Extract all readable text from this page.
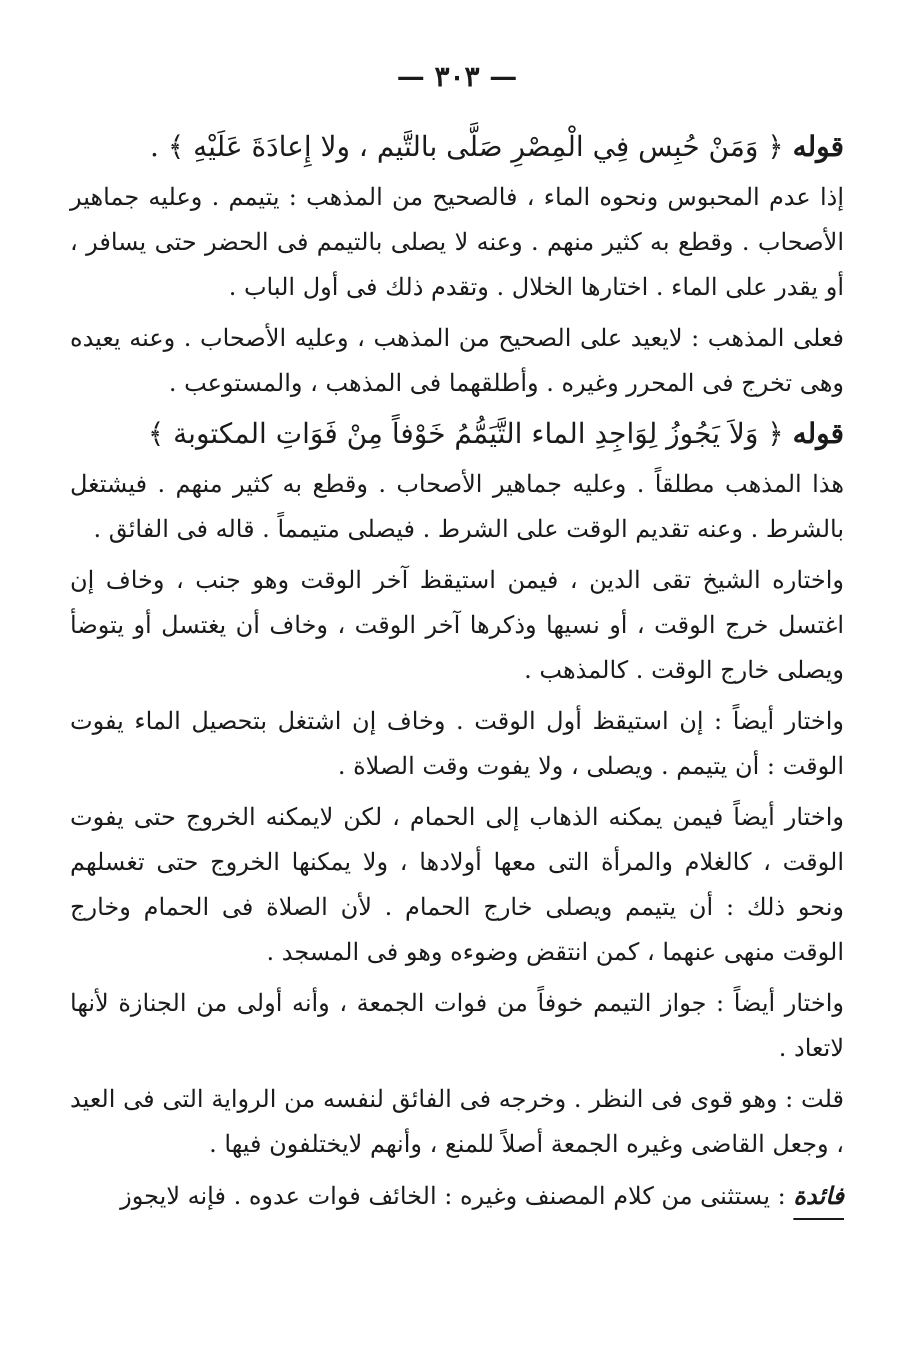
— ٣٠٣ —

قوله ﴿ وَمَنْ حُبِس فِي الْمِصْرِ صَلَّى بالتَّيم ، ولا إِعادَةَ عَلَيْهِ ﴾ .

إذا عدم المحبوس ونحوه الماء ، فالصحيح من المذهب : يتيمم . وعليه جماهير الأصحاب . وقطع به كثير منهم . وعنه لا يصلى بالتيمم فى الحضر حتى يسافر ، أو يقدر على الماء . اختارها الخلال . وتقدم ذلك فى أول الباب .

فعلى المذهب : لايعيد على الصحيح من المذهب ، وعليه الأصحاب . وعنه يعيده وهى تخرج فى المحرر وغيره . وأطلقهما فى المذهب ، والمستوعب .

قوله ﴿ وَلاَ يَجُوزُ لِوَاجِدِ الماء التَّيَمُّمُ خَوْفاً مِنْ فَوَاتِ المكتوبة ﴾

هذا المذهب مطلقاً . وعليه جماهير الأصحاب . وقطع به كثير منهم . فيشتغل بالشرط . وعنه تقديم الوقت على الشرط . فيصلى متيمماً . قاله فى الفائق .

واختاره الشيخ تقى الدين ، فيمن استيقظ آخر الوقت وهو جنب ، وخاف إن اغتسل خرج الوقت ، أو نسيها وذكرها آخر الوقت ، وخاف أن يغتسل أو يتوضأ ويصلى خارج الوقت . كالمذهب .

واختار أيضاً : إن استيقظ أول الوقت . وخاف إن اشتغل بتحصيل الماء يفوت الوقت : أن يتيمم . ويصلى ، ولا يفوت وقت الصلاة .

واختار أيضاً فيمن يمكنه الذهاب إلى الحمام ، لكن لايمكنه الخروج حتى يفوت الوقت ، كالغلام والمرأة التى معها أولادها ، ولا يمكنها الخروج حتى تغسلهم ونحو ذلك : أن يتيمم ويصلى خارج الحمام . لأن الصلاة فى الحمام وخارج الوقت منهى عنهما ، كمن انتقض وضوءه وهو فى المسجد .

واختار أيضاً : جواز التيمم خوفاً من فوات الجمعة ، وأنه أولى من الجنازة لأنها لاتعاد .

قلت : وهو قوى فى النظر . وخرجه فى الفائق لنفسه من الرواية التى فى العيد ، وجعل القاضى وغيره الجمعة أصلاً للمنع ، وأنهم لايختلفون فيها .

فائدة : يستثنى من كلام المصنف وغيره : الخائف فوات عدوه . فإنه لايجوز
